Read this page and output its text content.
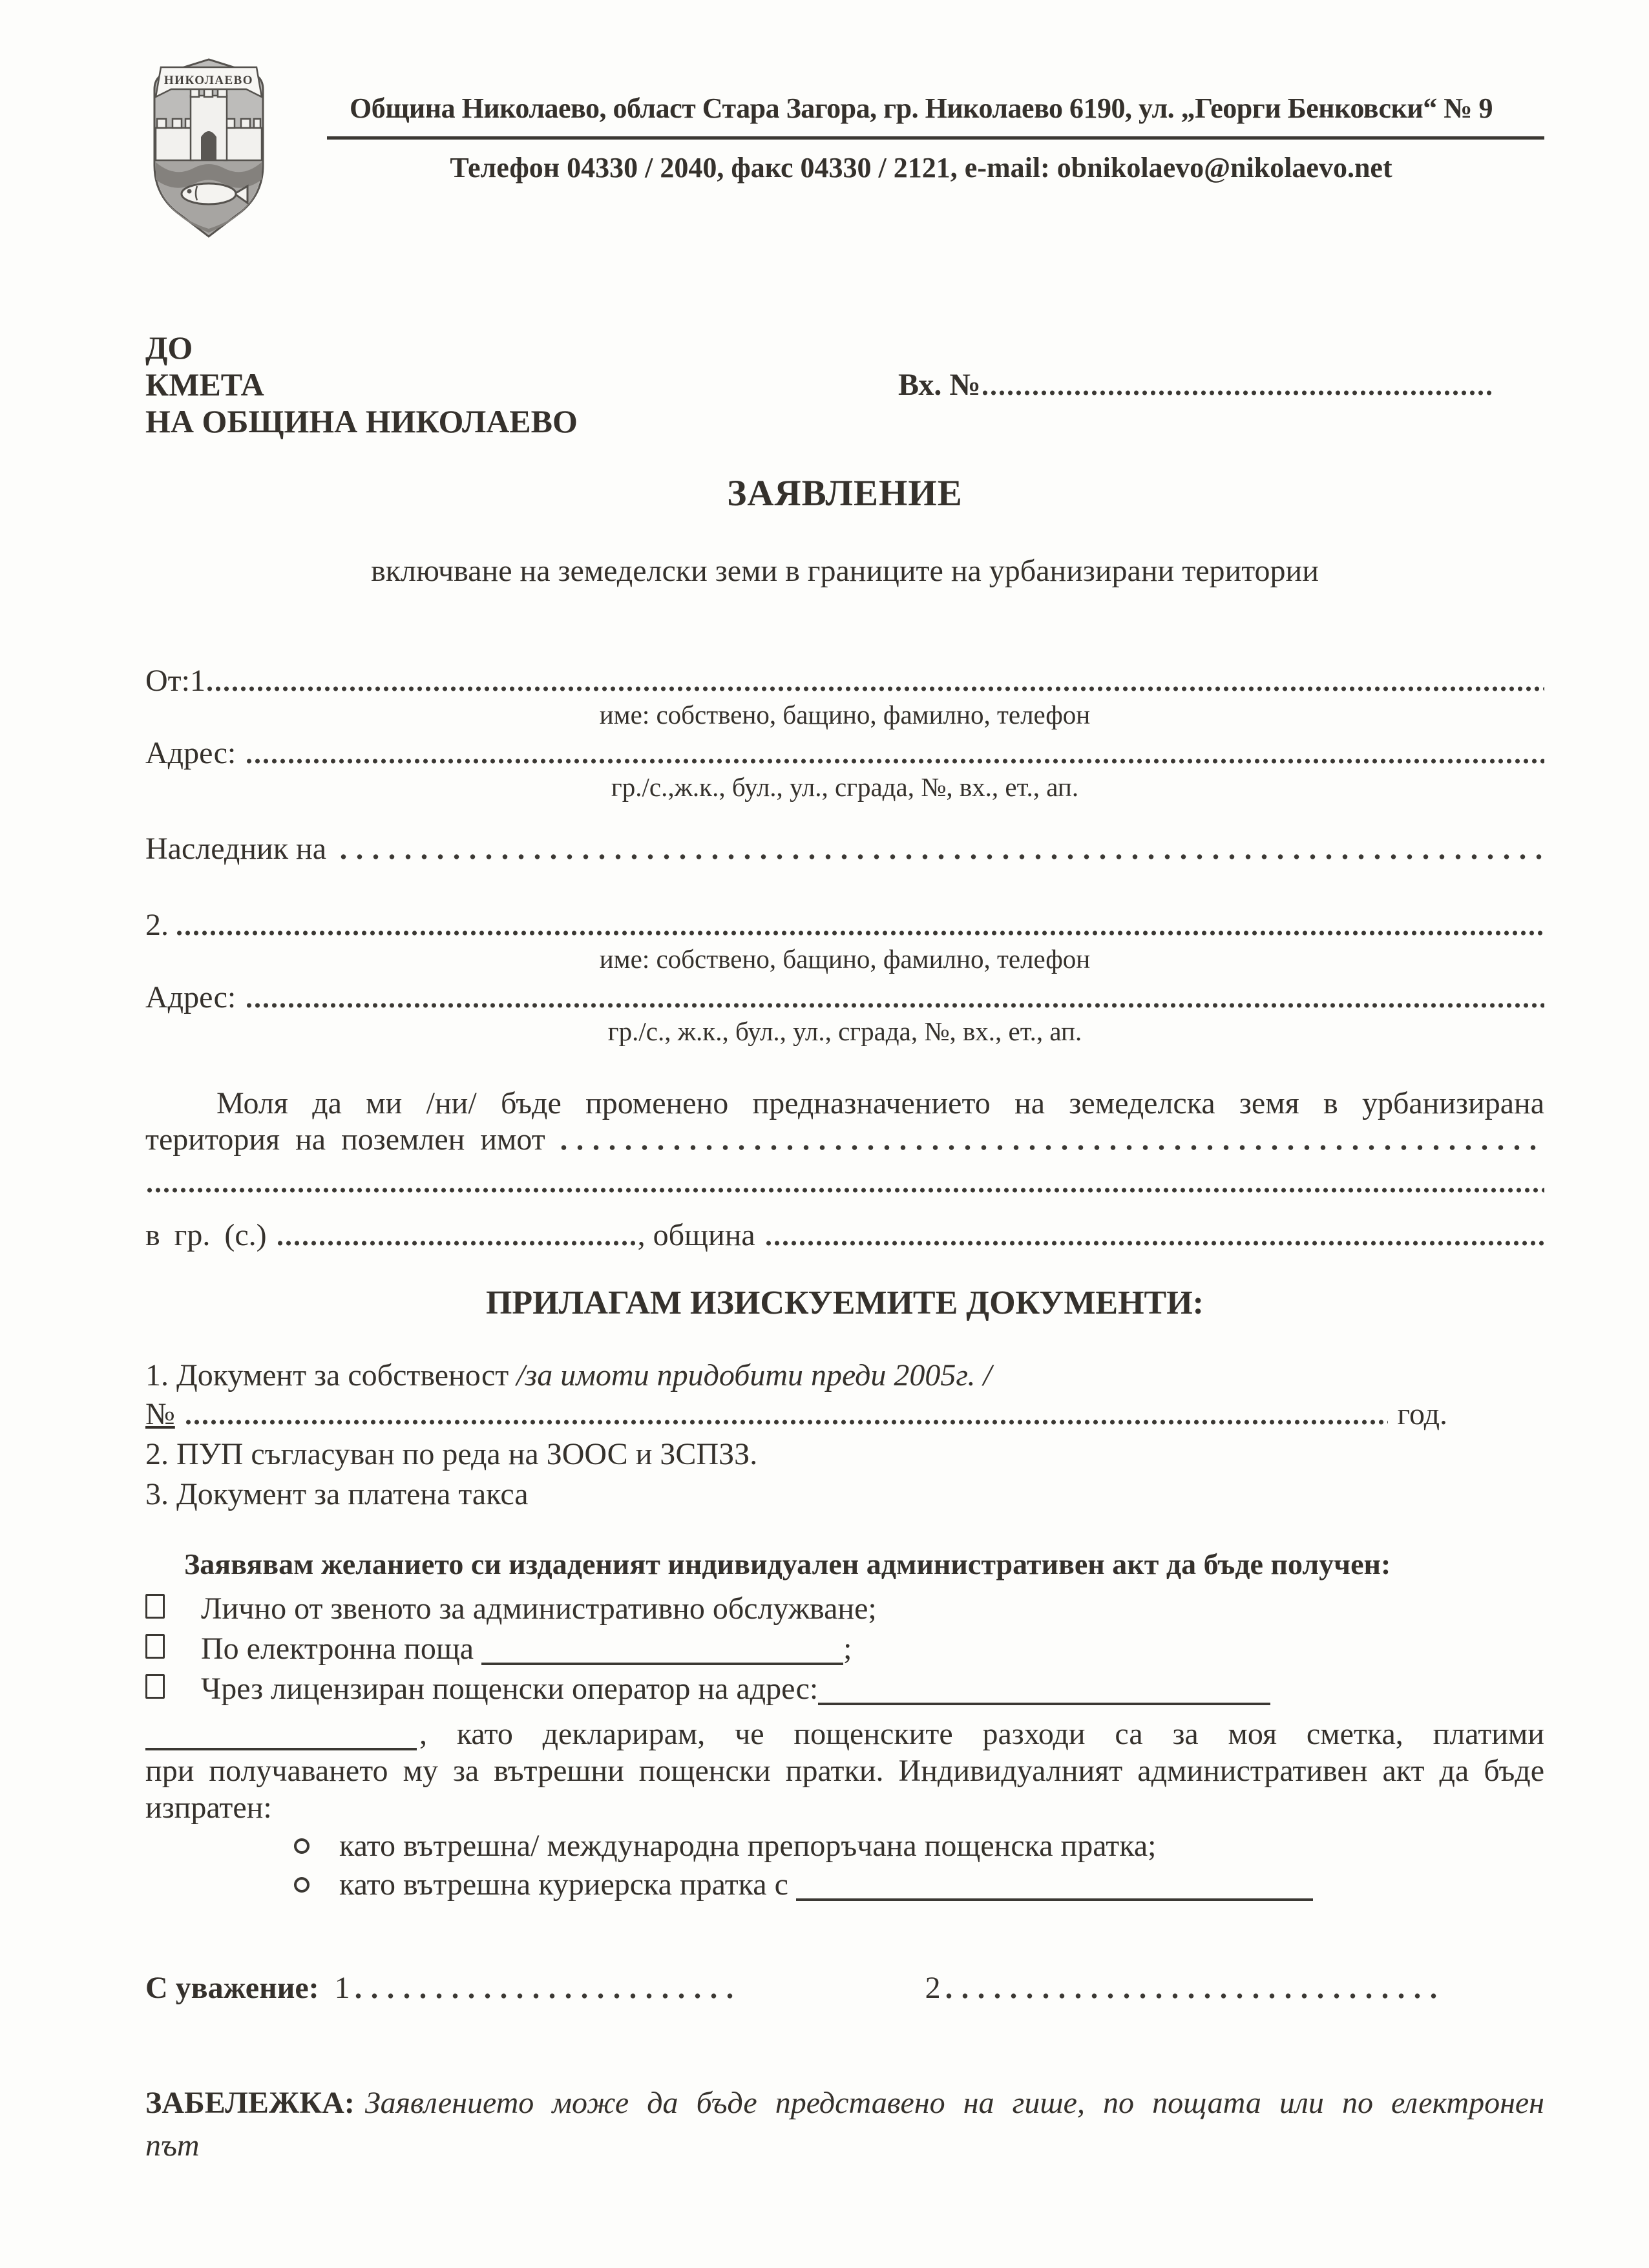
НИКОЛАЕВО
Община Николаево, област Стара Загора, гр. Николаево 6190, ул. „Георги Бенковски“ № 9
Телефон 04330 / 2040, факс 04330 / 2121, e-mail: obnikolaevo@nikolaevo.net
ДО
КМЕТА
НА ОБЩИНА НИКОЛАЕВО
Вх. №
ЗАЯВЛЕНИЕ
включване на земеделски земи в границите на урбанизирани територии
От:1
име: собствено, бащино, фамилно, телефон
Адрес:
гр./с.,ж.к., бул., ул., сграда, №, вх., ет., ап.
Наследник на
2.
име: собствено, бащино, фамилно, телефон
Адрес:
гр./с., ж.к., бул., ул., сграда, №, вх., ет., ап.
Моля да ми /ни/ бъде променено предназначението на земеделска земя в урбанизирана
територия на поземлен имот
в гр. (с.)	, община
ПРИЛАГАМ ИЗИСКУЕМИТЕ ДОКУМЕНТИ:
1. Документ за собственост /за имоти придобити преди 2005г. /
№	год.
2. ПУП съгласуван по реда на ЗООС и ЗСПЗЗ.
3. Документ за платена такса
Заявявам желанието си издаденият индивидуален административен акт да бъде получен:
Лично от звеното за административно обслужване;
По електронна поща	;
Чрез лицензиран пощенски оператор на адрес:
, като декларирам, че пощенските разходи са за моя сметка, платими
при получаването му за вътрешни пощенски пратки. Индивидуалният административен акт да бъде
изпратен:
като вътрешна/ международна препоръчана пощенска пратка;
като вътрешна куриерска пратка с
С уважение: 1	2
ЗАБЕЛЕЖКА: Заявлението може да бъде представено на гише, по пощата или по електронен
път
